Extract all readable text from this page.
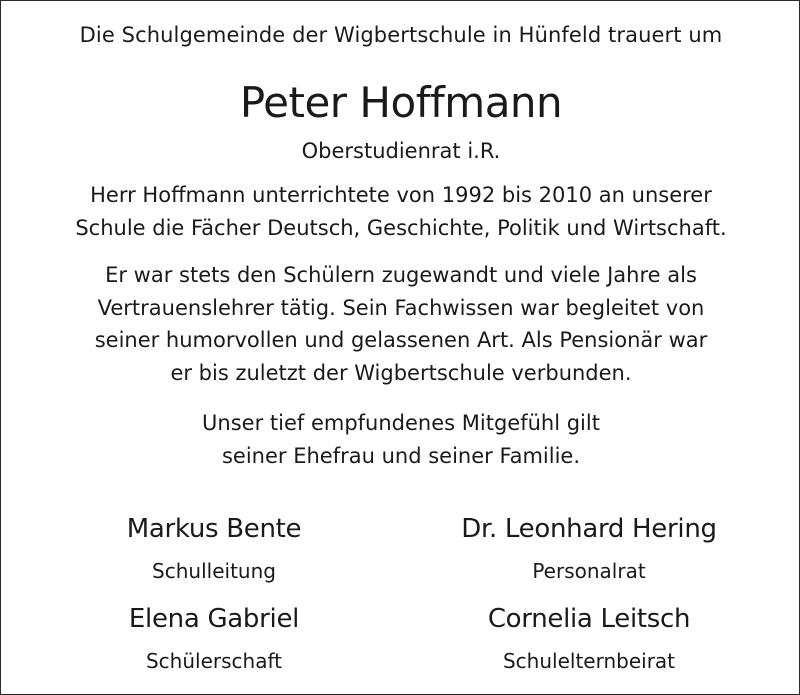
Die Schulgemeinde der Wigbertschule in Hünfeld trauert um
Peter Hoffmann
Oberstudienrat i.R.
Herr Hoffmann unterrichtete von 1992 bis 2010 an unserer
Schule die Fächer Deutsch, Geschichte, Politik und Wirtschaft.
Er war stets den Schülern zugewandt und viele Jahre als
Vertrauenslehrer tätig. Sein Fachwissen war begleitet von
seiner humorvollen und gelassenen Art. Als Pensionär war
er bis zuletzt der Wigbertschule verbunden.
Unser tief empfundenes Mitgefühl gilt
seiner Ehefrau und seiner Familie.
Markus Bente
Schulleitung
Dr. Leonhard Hering
Personalrat
Elena Gabriel
Schülerschaft
Cornelia Leitsch
Schulelternbeirat
